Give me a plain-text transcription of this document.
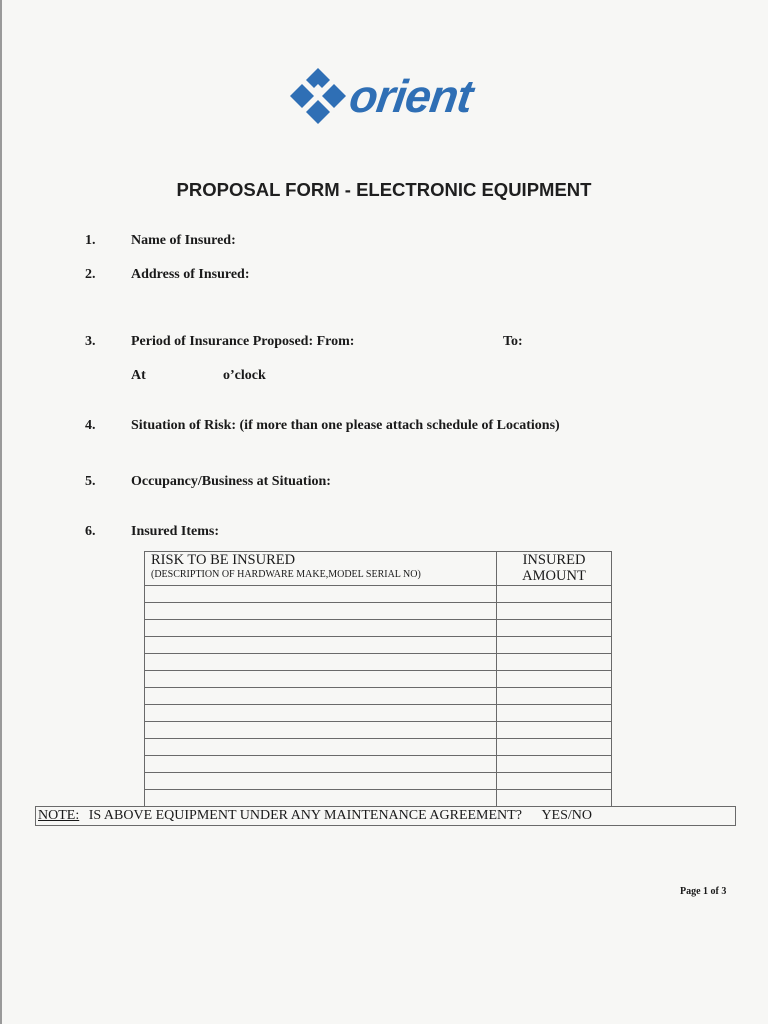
orient
PROPOSAL FORM - ELECTRONIC EQUIPMENT
1.	Name of Insured:
2.	Address of Insured:
3.	Period of Insurance Proposed: From:	To:
At	o’clock
4.	Situation of Risk: (if more than one please attach schedule of Locations)
5.	Occupancy/Business at Situation:
6.	Insured Items:
RISK TO BE INSURED
(DESCRIPTION OF HARDWARE MAKE,MODEL SERIAL NO)	INSURED
AMOUNT

NOTE: IS ABOVE EQUIPMENT UNDER ANY MAINTENANCE AGREEMENT? YES/NO
Page 1 of 3
